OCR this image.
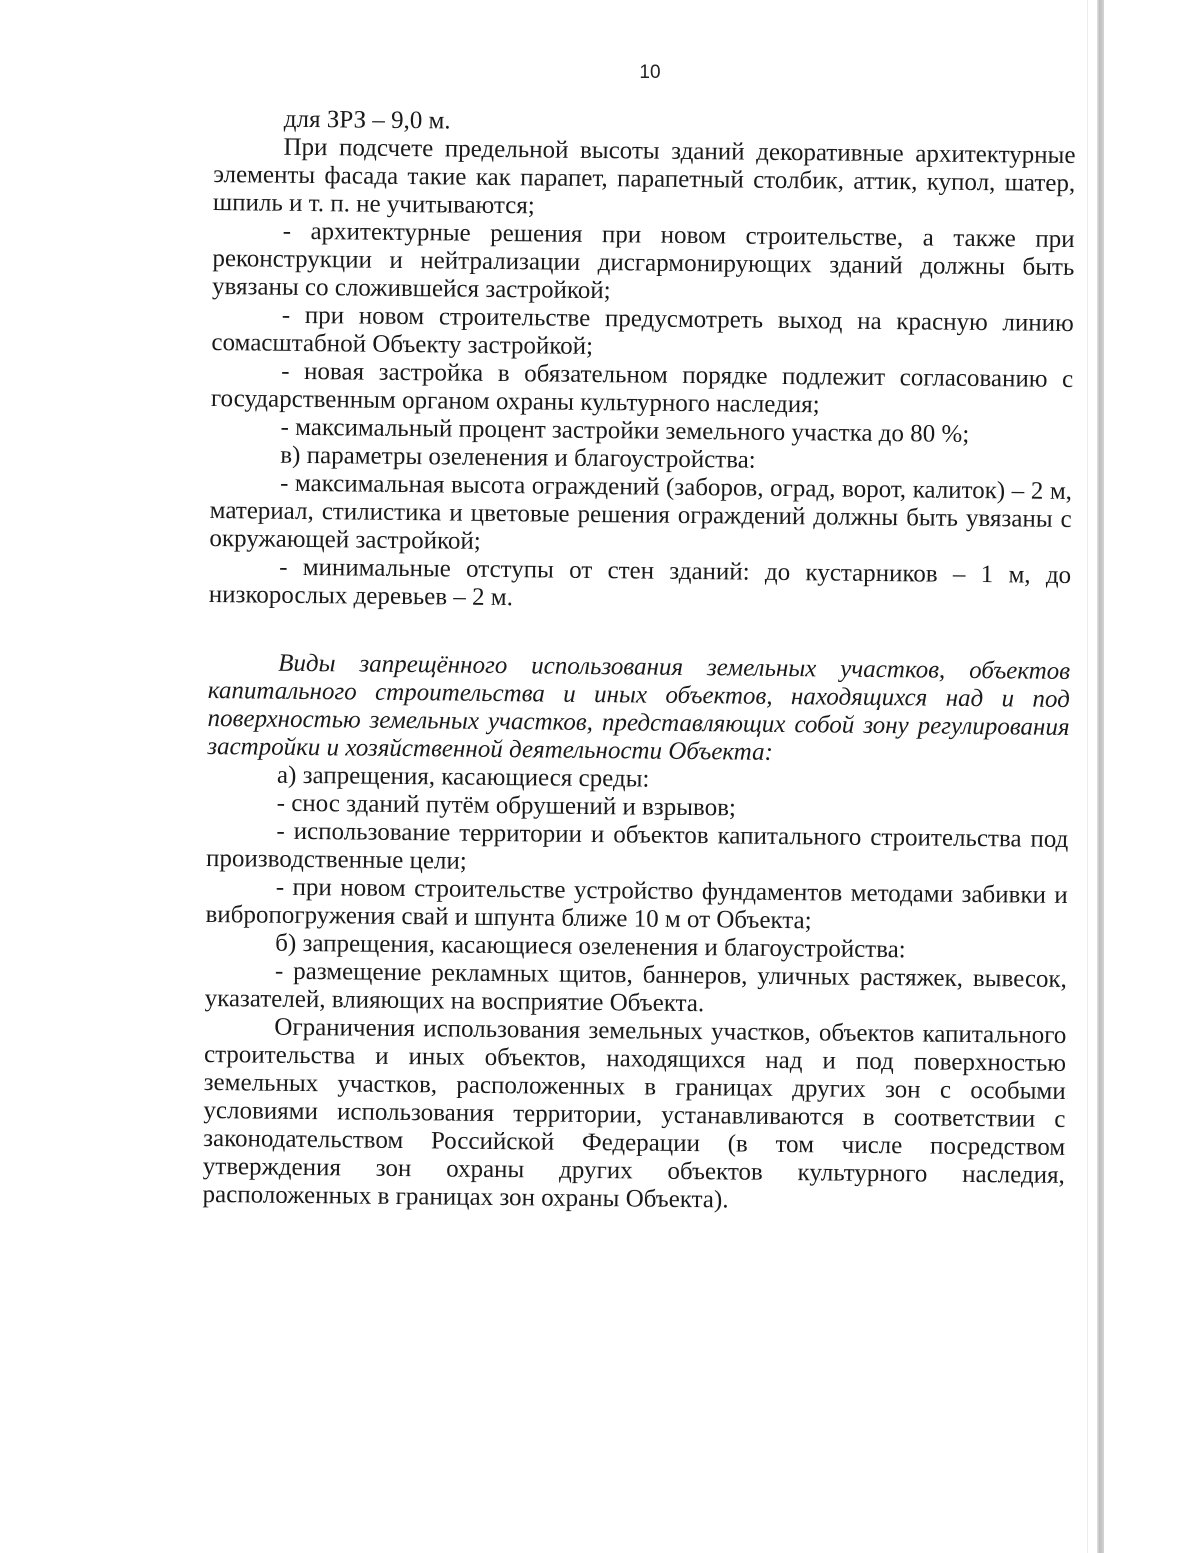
10

для ЗРЗ – 9,0 м.

При подсчете предельной высоты зданий декоративные архитектурные элементы фасада такие как парапет, парапетный столбик, аттик, купол, шатер, шпиль и т. п. не учитываются;

- архитектурные решения при новом строительстве, а также при реконструкции и нейтрализации дисгармонирующих зданий должны быть увязаны со сложившейся застройкой;

- при новом строительстве предусмотреть выход на красную линию сомасштабной Объекту застройкой;

- новая застройка в обязательном порядке подлежит согласованию с государственным органом охраны культурного наследия;

- максимальный процент застройки земельного участка до 80 %;

в) параметры озеленения и благоустройства:

- максимальная высота ограждений (заборов, оград, ворот, калиток) – 2 м, материал, стилистика и цветовые решения ограждений должны быть увязаны с окружающей застройкой;

- минимальные отступы от стен зданий: до кустарников – 1 м, до низкорослых деревьев – 2 м.

Виды запрещённого использования земельных участков, объектов капитального строительства и иных объектов, находящихся над и под поверхностью земельных участков, представляющих собой зону регулирования застройки и хозяйственной деятельности Объекта:

а) запрещения, касающиеся среды:

- снос зданий путём обрушений и взрывов;

- использование территории и объектов капитального строительства под производственные цели;

- при новом строительстве устройство фундаментов методами забивки и вибропогружения свай и шпунта ближе 10 м от Объекта;

б) запрещения, касающиеся озеленения и благоустройства:

- размещение рекламных щитов, баннеров, уличных растяжек, вывесок, указателей, влияющих на восприятие Объекта.

Ограничения использования земельных участков, объектов капитального строительства и иных объектов, находящихся над и под поверхностью земельных участков, расположенных в границах других зон с особыми условиями использования территории, устанавливаются в соответствии с законодательством Российской Федерации (в том числе посредством утверждения зон охраны других объектов культурного наследия, расположенных в границах зон охраны Объекта).
